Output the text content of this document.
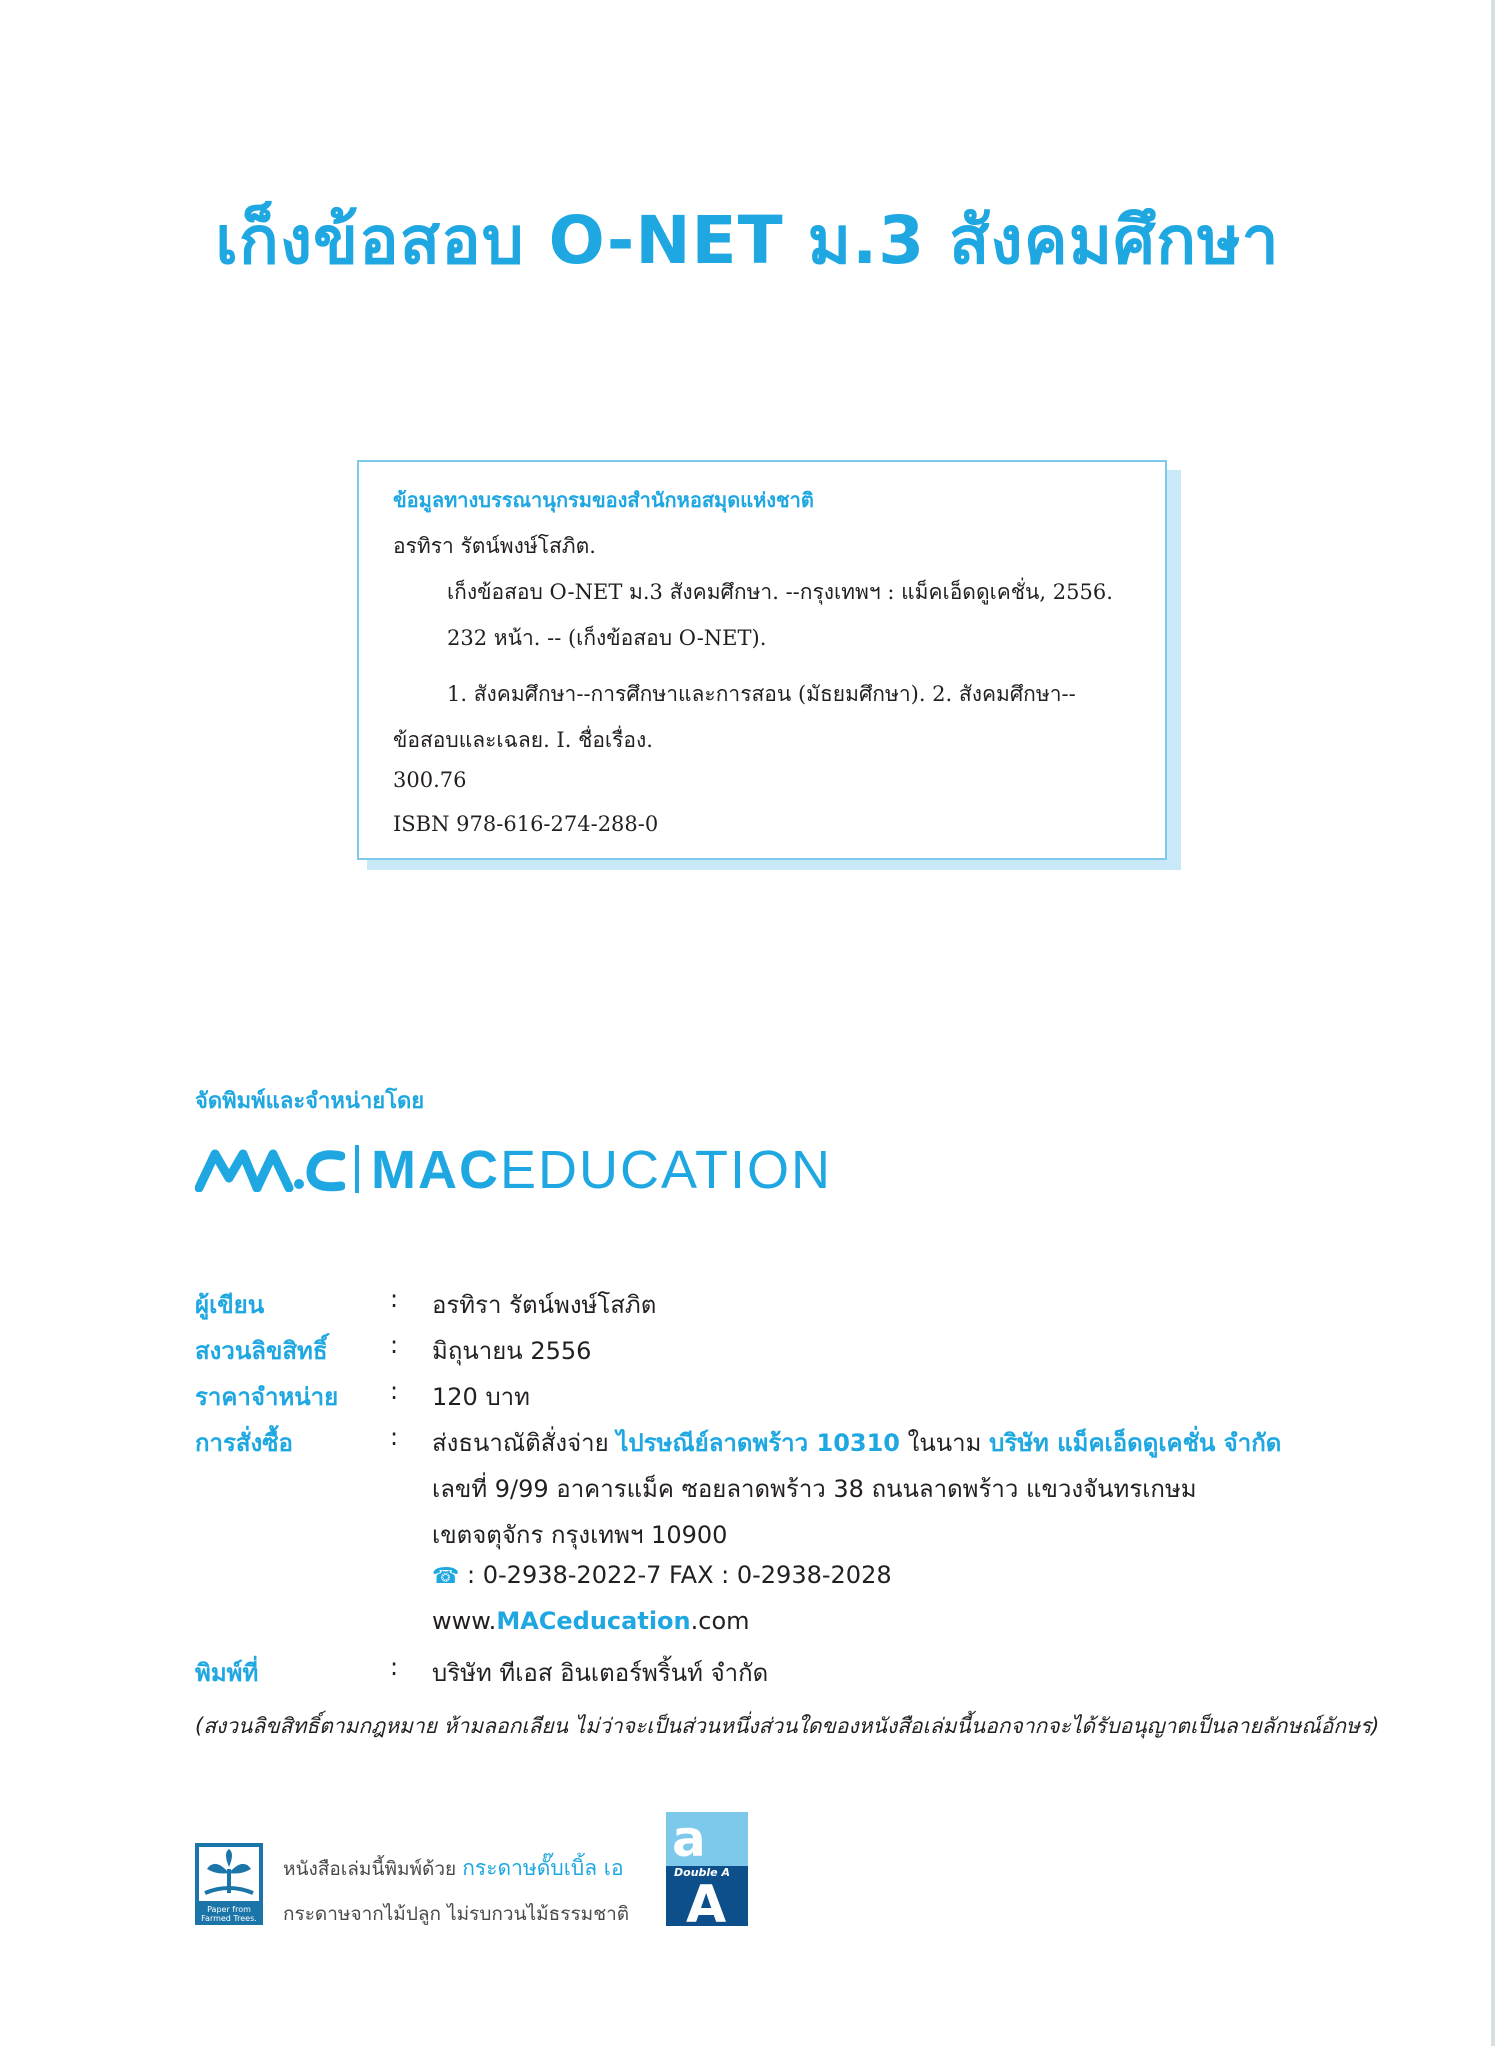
เก็งข้อสอบ O-NET ม.3 สังคมศึกษา
ข้อมูลทางบรรณานุกรมของสำนักหอสมุดแห่งชาติ
อรทิรา รัตน์พงษ์โสภิต.
เก็งข้อสอบ O-NET ม.3 สังคมศึกษา. --กรุงเทพฯ : แม็คเอ็ดดูเคชั่น, 2556.
232 หน้า. -- (เก็งข้อสอบ O-NET).
1. สังคมศึกษา--การศึกษาและการสอน (มัธยมศึกษา). 2. สังคมศึกษา--
ข้อสอบและเฉลย. I. ชื่อเรื่อง.
300.76
ISBN 978-616-274-288-0
จัดพิมพ์และจำหน่ายโดย
MACEDUCATION
ผู้เขียน	: อรทิรา รัตน์พงษ์โสภิต
สงวนลิขสิทธิ์	: มิถุนายน 2556
ราคาจำหน่าย : 120 บาท
การสั่งซื้อ	: ส่งธนาณัติสั่งจ่าย ไปรษณีย์ลาดพร้าว 10310 ในนาม บริษัท แม็คเอ็ดดูเคชั่น จำกัด
เลขที่ 9/99 อาคารแม็ค ซอยลาดพร้าว 38 ถนนลาดพร้าว แขวงจันทรเกษม
เขตจตุจักร กรุงเทพฯ 10900
☎ : 0-2938-2022-7 FAX : 0-2938-2028
www.MACeducation.com
พิมพ์ที่	: บริษัท ทีเอส อินเตอร์พริ้นท์ จำกัด
(สงวนลิขสิทธิ์ตามกฎหมาย ห้ามลอกเลียน ไม่ว่าจะเป็นส่วนหนึ่งส่วนใดของหนังสือเล่มนี้นอกจากจะได้รับอนุญาตเป็นลายลักษณ์อักษร)
Paper from
Farmed Trees.
หนังสือเล่มนี้พิมพ์ด้วย กระดาษดั๊บเบิ้ล เอ
กระดาษจากไม้ปลูก ไม่รบกวนไม้ธรรมชาติ
a
Double A
A
